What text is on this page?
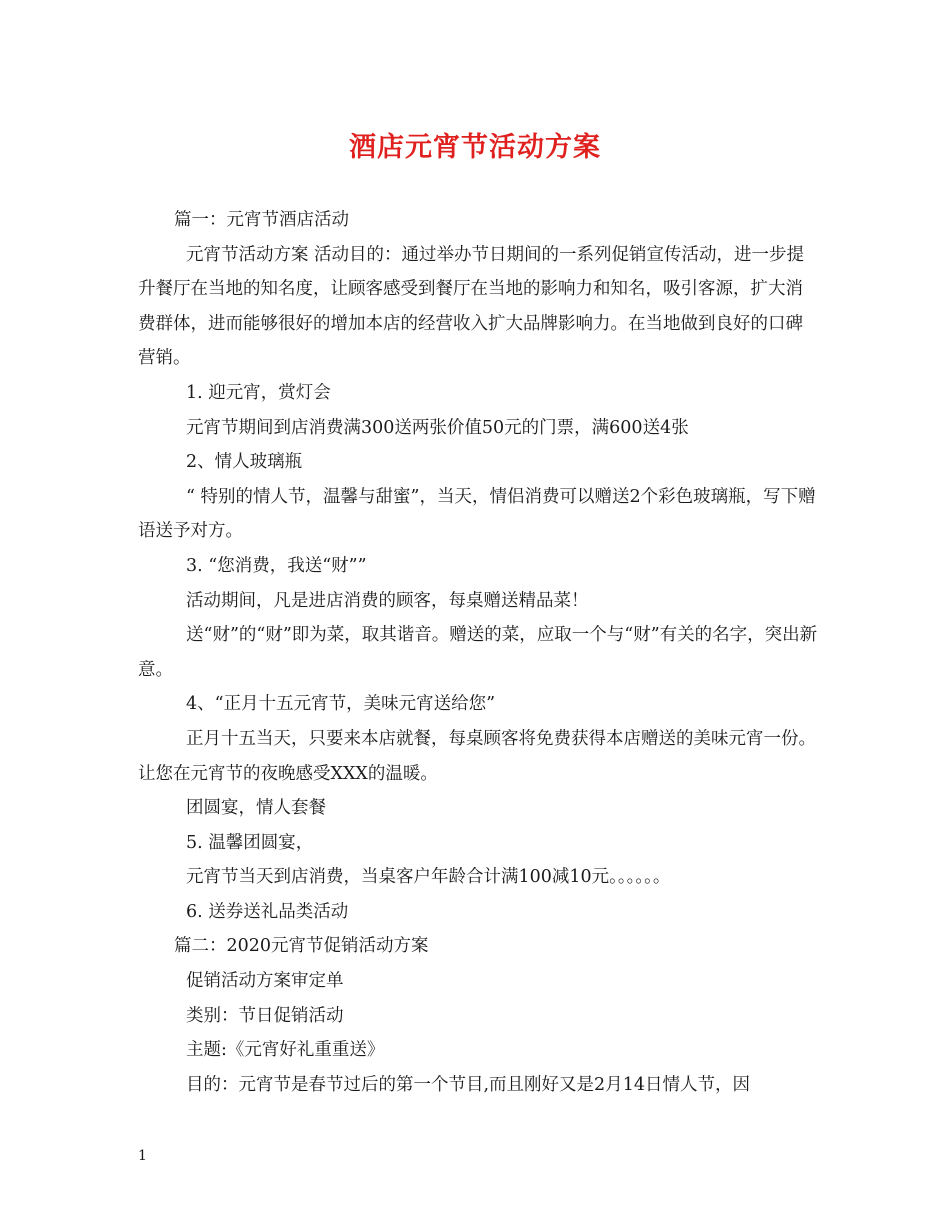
酒店元宵节活动方案

篇一：元宵节酒店活动

元宵节活动方案 活动目的：通过举办节日期间的一系列促销宣传活动，进一步提升餐厅在当地的知名度，让顾客感受到餐厅在当地的影响力和知名，吸引客源，扩大消费群体，进而能够很好的增加本店的经营收入扩大品牌影响力。在当地做到良好的口碑营销。

1. 迎元宵，赏灯会

元宵节期间到店消费满300送两张价值50元的门票，满600送4张

2、情人玻璃瓶

“ 特别的情人节，温馨与甜蜜”，当天，情侣消费可以赠送2个彩色玻璃瓶，写下赠语送予对方。

3. “您消费，我送“财””

活动期间，凡是进店消费的顾客，每桌赠送精品菜！

送“财”的“财”即为菜，取其谐音。赠送的菜，应取一个与“财”有关的名字，突出新意。

4、“正月十五元宵节，美味元宵送给您”

正月十五当天，只要来本店就餐，每桌顾客将免费获得本店赠送的美味元宵一份。让您在元宵节的夜晚感受XXX的温暖。

团圆宴，情人套餐

5. 温馨团圆宴，

元宵节当天到店消费，当桌客户年龄合计满100减10元。。。。。。

6. 送券送礼品类活动

篇二：2020元宵节促销活动方案

促销活动方案审定单

类别：节日促销活动

主题:《元宵好礼重重送》

目的：元宵节是春节过后的第一个节目,而且刚好又是2月14日情人节，因

1
